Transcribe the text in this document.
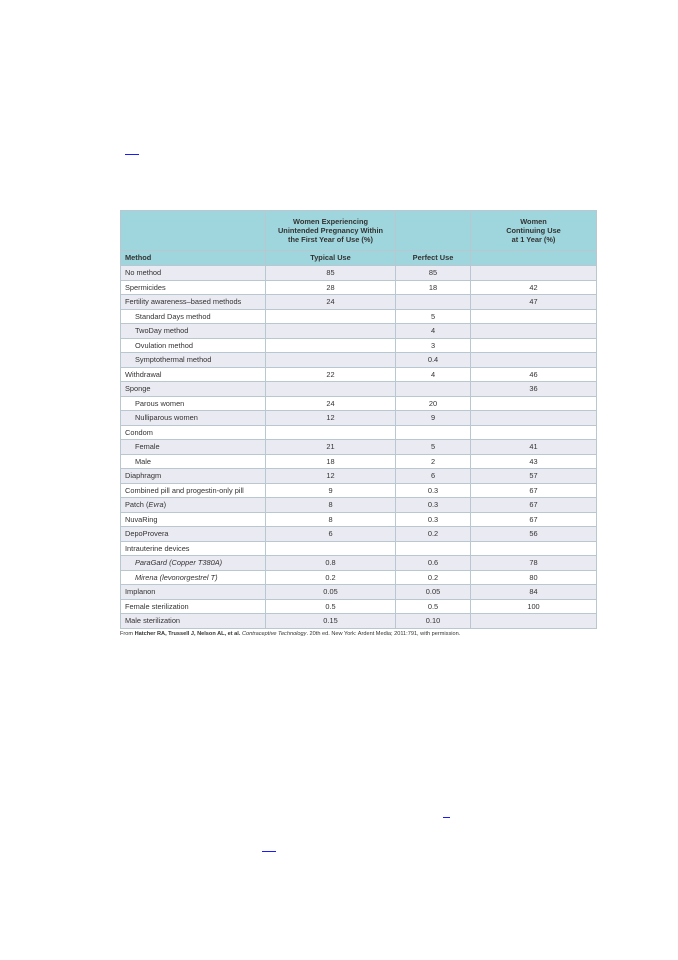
	Women Experiencing
Unintended Pregnancy Within
the First Year of Use (%)		Women
Continuing Use
at 1 Year (%)

Method	Typical Use	Perfect Use	
No method	85	85	
Spermicides	28	18	42
Fertility awareness–based methods	24		47
Standard Days method		5	
TwoDay method		4	
Ovulation method		3	
Symptothermal method		0.4	
Withdrawal	22	4	46
Sponge			36
Parous women	24	20	
Nulliparous women	12	9	
Condom			
Female	21	5	41
Male	18	2	43
Diaphragm	12	6	57
Combined pill and progestin-only pill	9	0.3	67
Patch (Evra)	8	0.3	67
NuvaRing	8	0.3	67
DepoProvera	6	0.2	56
Intrauterine devices			
ParaGard (Copper T380A)	0.8	0.6	78
Mirena (levonorgestrel T)	0.2	0.2	80
Implanon	0.05	0.05	84
Female sterilization	0.5	0.5	100
Male sterilization	0.15	0.10	
From Hatcher RA, Trussell J, Nelson AL, et al. Contraceptive Technology. 20th ed. New York: Ardent Media; 2011:791, with permission.
